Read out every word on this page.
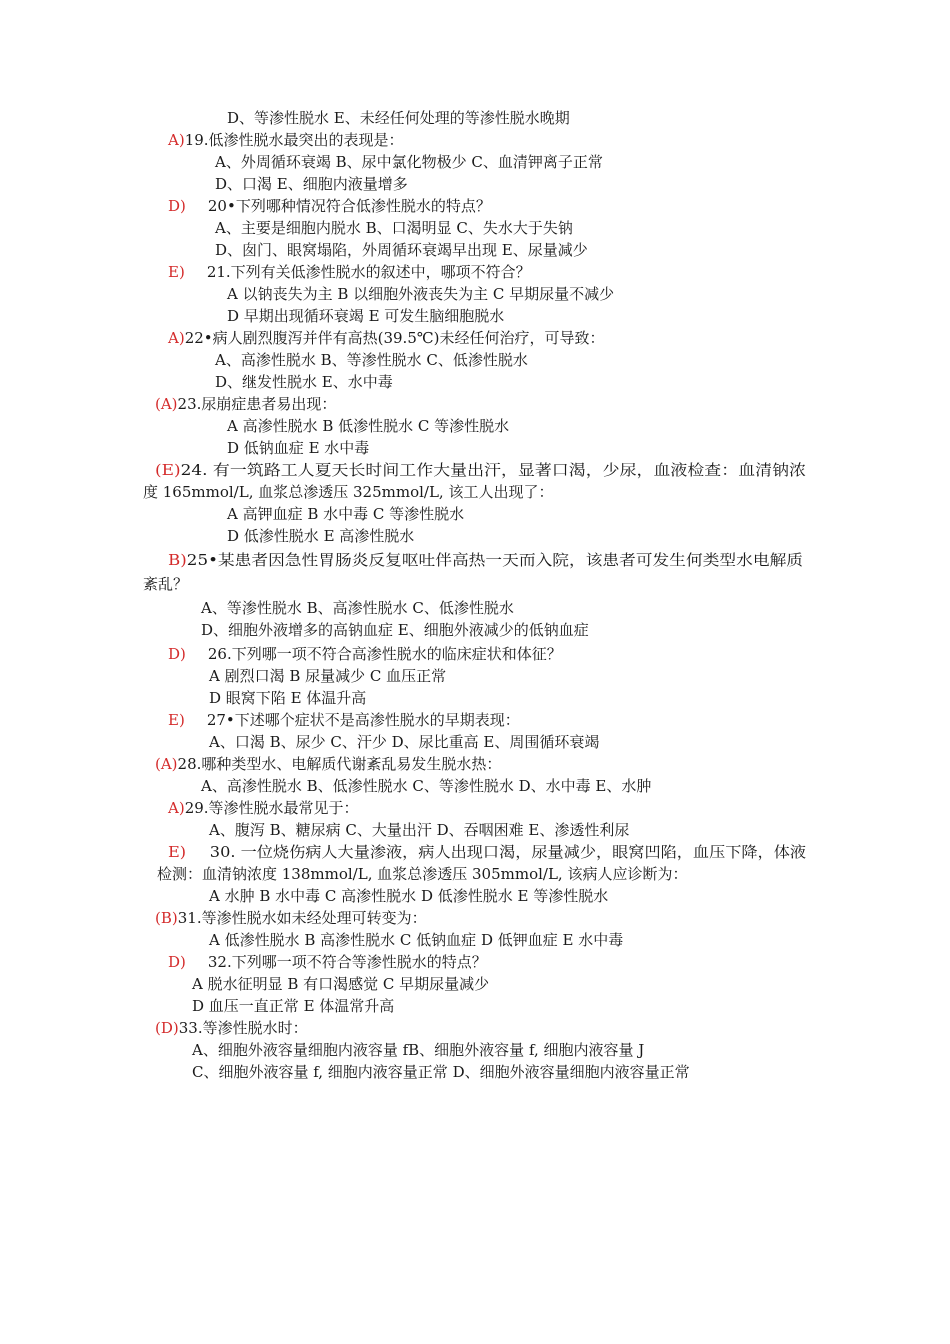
D、等渗性脱水 E、未经任何处理的等渗性脱水晚期
A)19.低渗性脱水最突出的表现是：
A、外周循环衰竭 B、尿中氯化物极少 C、血清钾离子正常
D、口渴 E、细胞内液量增多
D) 20•下列哪种情况符合低渗性脱水的特点？
A、主要是细胞内脱水 B、口渴明显 C、失水大于失钠
D、囱门、眼窝塌陷，外周循环衰竭早出现 E、尿量减少
E) 21.下列有关低渗性脱水的叙述中，哪项不符合？
A 以钠丧失为主 B 以细胞外液丧失为主 C 早期尿量不减少
D 早期出现循环衰竭 E 可发生脑细胞脱水
A)22•病人剧烈腹泻并伴有高热(39.5℃)未经任何治疗，可导致：
A、高渗性脱水 B、等渗性脱水 C、低渗性脱水
D、继发性脱水 E、水中毒
(A)23.尿崩症患者易出现：
A 高渗性脱水 B 低渗性脱水 C 等渗性脱水
D 低钠血症 E 水中毒
(E)24. 有一筑路工人夏天长时间工作大量出汗，显著口渴，少尿，血液检查：血清钠浓
度 165mmol/L, 血浆总渗透压 325mmol/L, 该工人出现了：
A 高钾血症 B 水中毒 C 等渗性脱水
D 低渗性脱水 E 高渗性脱水
B)25•某患者因急性胃肠炎反复呕吐伴高热一天而入院，该患者可发生何类型水电解质
紊乱？
A、等渗性脱水 B、高渗性脱水 C、低渗性脱水
D、细胞外液增多的高钠血症 E、细胞外液减少的低钠血症
D) 26.下列哪一项不符合高渗性脱水的临床症状和体征？
A 剧烈口渴 B 尿量减少 C 血压正常
D 眼窝下陷 E 体温升高
E) 27•下述哪个症状不是高渗性脱水的早期表现：
A、口渴 B、尿少 C、汗少 D、尿比重高 E、周围循环衰竭
(A)28.哪种类型水、电解质代谢紊乱易发生脱水热：
A、高渗性脱水 B、低渗性脱水 C、等渗性脱水 D、水中毒 E、水肿
A)29.等渗性脱水最常见于：
A、腹泻 B、糖尿病 C、大量出汗 D、吞咽困难 E、渗透性利尿
E) 30. 一位烧伤病人大量渗液，病人出现口渴，尿量减少，眼窝凹陷，血压下降，体液
检测：血清钠浓度 138mmol/L, 血浆总渗透压 305mmol/L, 该病人应诊断为：
A 水肿 B 水中毒 C 高渗性脱水 D 低渗性脱水 E 等渗性脱水
(B)31.等渗性脱水如未经处理可转变为：
A 低渗性脱水 B 高渗性脱水 C 低钠血症 D 低钾血症 E 水中毒
D) 32.下列哪一项不符合等渗性脱水的特点？
A 脱水征明显 B 有口渴感觉 C 早期尿量减少
D 血压一直正常 E 体温常升高
(D)33.等渗性脱水时：
A、细胞外液容量细胞内液容量 fB、细胞外液容量 f, 细胞内液容量 J
C、细胞外液容量 f, 细胞内液容量正常 D、细胞外液容量细胞内液容量正常
